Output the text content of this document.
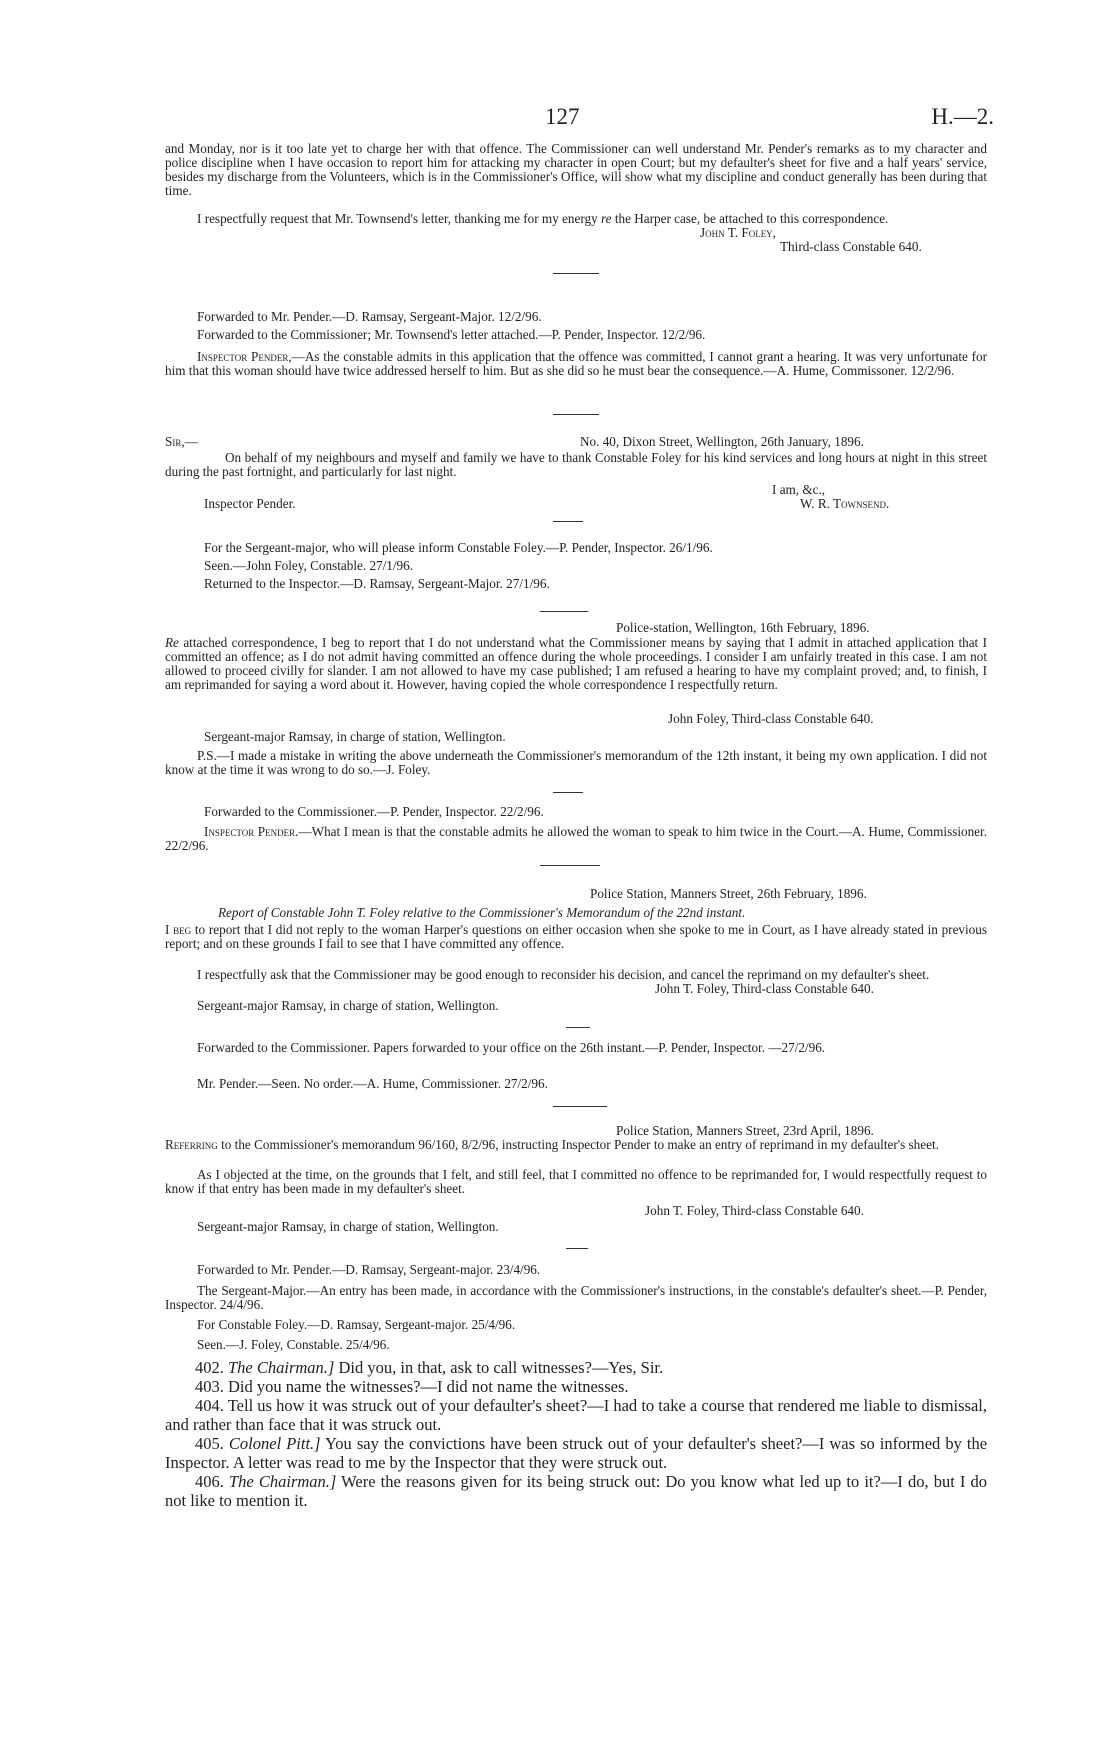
127	H.—2.

and Monday, nor is it too late yet to charge her with that offence. The Commissioner can well understand Mr. Pender's remarks as to my character and police discipline when I have occasion to report him for attacking my character in open Court; but my defaulter's sheet for five and a half years' service, besides my discharge from the Volunteers, which is in the Commissioner's Office, will show what my discipline and conduct generally has been during that time.

I respectfully request that Mr. Townsend's letter, thanking me for my energy re the Harper case, be attached to this correspondence.

John T. Foley,

Third-class Constable 640.

Forwarded to Mr. Pender.—D. Ramsay, Sergeant-Major. 12/2/96.

Forwarded to the Commissioner; Mr. Townsend's letter attached.—P. Pender, Inspector. 12/2/96.

Inspector Pender,—As the constable admits in this application that the offence was committed, I cannot grant a hearing. It was very unfortunate for him that this woman should have twice addressed herself to him. But as she did so he must bear the consequence.—A. Hume, Commissoner. 12/2/96.

Sir,—	No. 40, Dixon Street, Wellington, 26th January, 1896.

On behalf of my neighbours and myself and family we have to thank Constable Foley for his kind services and long hours at night in this street during the past fortnight, and particularly for last night.

I am, &c.,

Inspector Pender.	W. R. Townsend.

For the Sergeant-major, who will please inform Constable Foley.—P. Pender, Inspector. 26/1/96.

Seen.—John Foley, Constable. 27/1/96.

Returned to the Inspector.—D. Ramsay, Sergeant-Major. 27/1/96.

Police-station, Wellington, 16th February, 1896.

Re attached correspondence, I beg to report that I do not understand what the Commissioner means by saying that I admit in attached application that I committed an offence; as I do not admit having committed an offence during the whole proceedings. I consider I am unfairly treated in this case. I am not allowed to proceed civilly for slander. I am not allowed to have my case published; I am refused a hearing to have my complaint proved; and, to finish, I am reprimanded for saying a word about it. However, having copied the whole correspondence I respectfully return.

John Foley, Third-class Constable 640.

Sergeant-major Ramsay, in charge of station, Wellington.

P.S.—I made a mistake in writing the above underneath the Commissioner's memorandum of the 12th instant, it being my own application. I did not know at the time it was wrong to do so.—J. Foley.

Forwarded to the Commissioner.—P. Pender, Inspector. 22/2/96.

Inspector Pender.—What I mean is that the constable admits he allowed the woman to speak to him twice in the Court.—A. Hume, Commissioner. 22/2/96.

Police Station, Manners Street, 26th February, 1896.

Report of Constable John T. Foley relative to the Commissioner's Memorandum of the 22nd instant.

I beg to report that I did not reply to the woman Harper's questions on either occasion when she spoke to me in Court, as I have already stated in previous report; and on these grounds I fail to see that I have committed any offence.

I respectfully ask that the Commissioner may be good enough to reconsider his decision, and cancel the reprimand on my defaulter's sheet.

John T. Foley, Third-class Constable 640.

Sergeant-major Ramsay, in charge of station, Wellington.

Forwarded to the Commissioner. Papers forwarded to your office on the 26th instant.—P. Pender, Inspector. —27/2/96.

Mr. Pender.—Seen. No order.—A. Hume, Commissioner. 27/2/96.

Police Station, Manners Street, 23rd April, 1896.

Referring to the Commissioner's memorandum 96/160, 8/2/96, instructing Inspector Pender to make an entry of reprimand in my defaulter's sheet.

As I objected at the time, on the grounds that I felt, and still feel, that I committed no offence to be reprimanded for, I would respectfully request to know if that entry has been made in my defaulter's sheet.

John T. Foley, Third-class Constable 640.

Sergeant-major Ramsay, in charge of station, Wellington.

Forwarded to Mr. Pender.—D. Ramsay, Sergeant-major. 23/4/96.

The Sergeant-Major.—An entry has been made, in accordance with the Commissioner's instructions, in the constable's defaulter's sheet.—P. Pender, Inspector. 24/4/96.

For Constable Foley.—D. Ramsay, Sergeant-major. 25/4/96.

Seen.—J. Foley, Constable. 25/4/96.

402. The Chairman.] Did you, in that, ask to call witnesses?—Yes, Sir.

403. Did you name the witnesses?—I did not name the witnesses.

404. Tell us how it was struck out of your defaulter's sheet?—I had to take a course that rendered me liable to dismissal, and rather than face that it was struck out.

405. Colonel Pitt.] You say the convictions have been struck out of your defaulter's sheet?—I was so informed by the Inspector. A letter was read to me by the Inspector that they were struck out.

406. The Chairman.] Were the reasons given for its being struck out: Do you know what led up to it?—I do, but I do not like to mention it.
